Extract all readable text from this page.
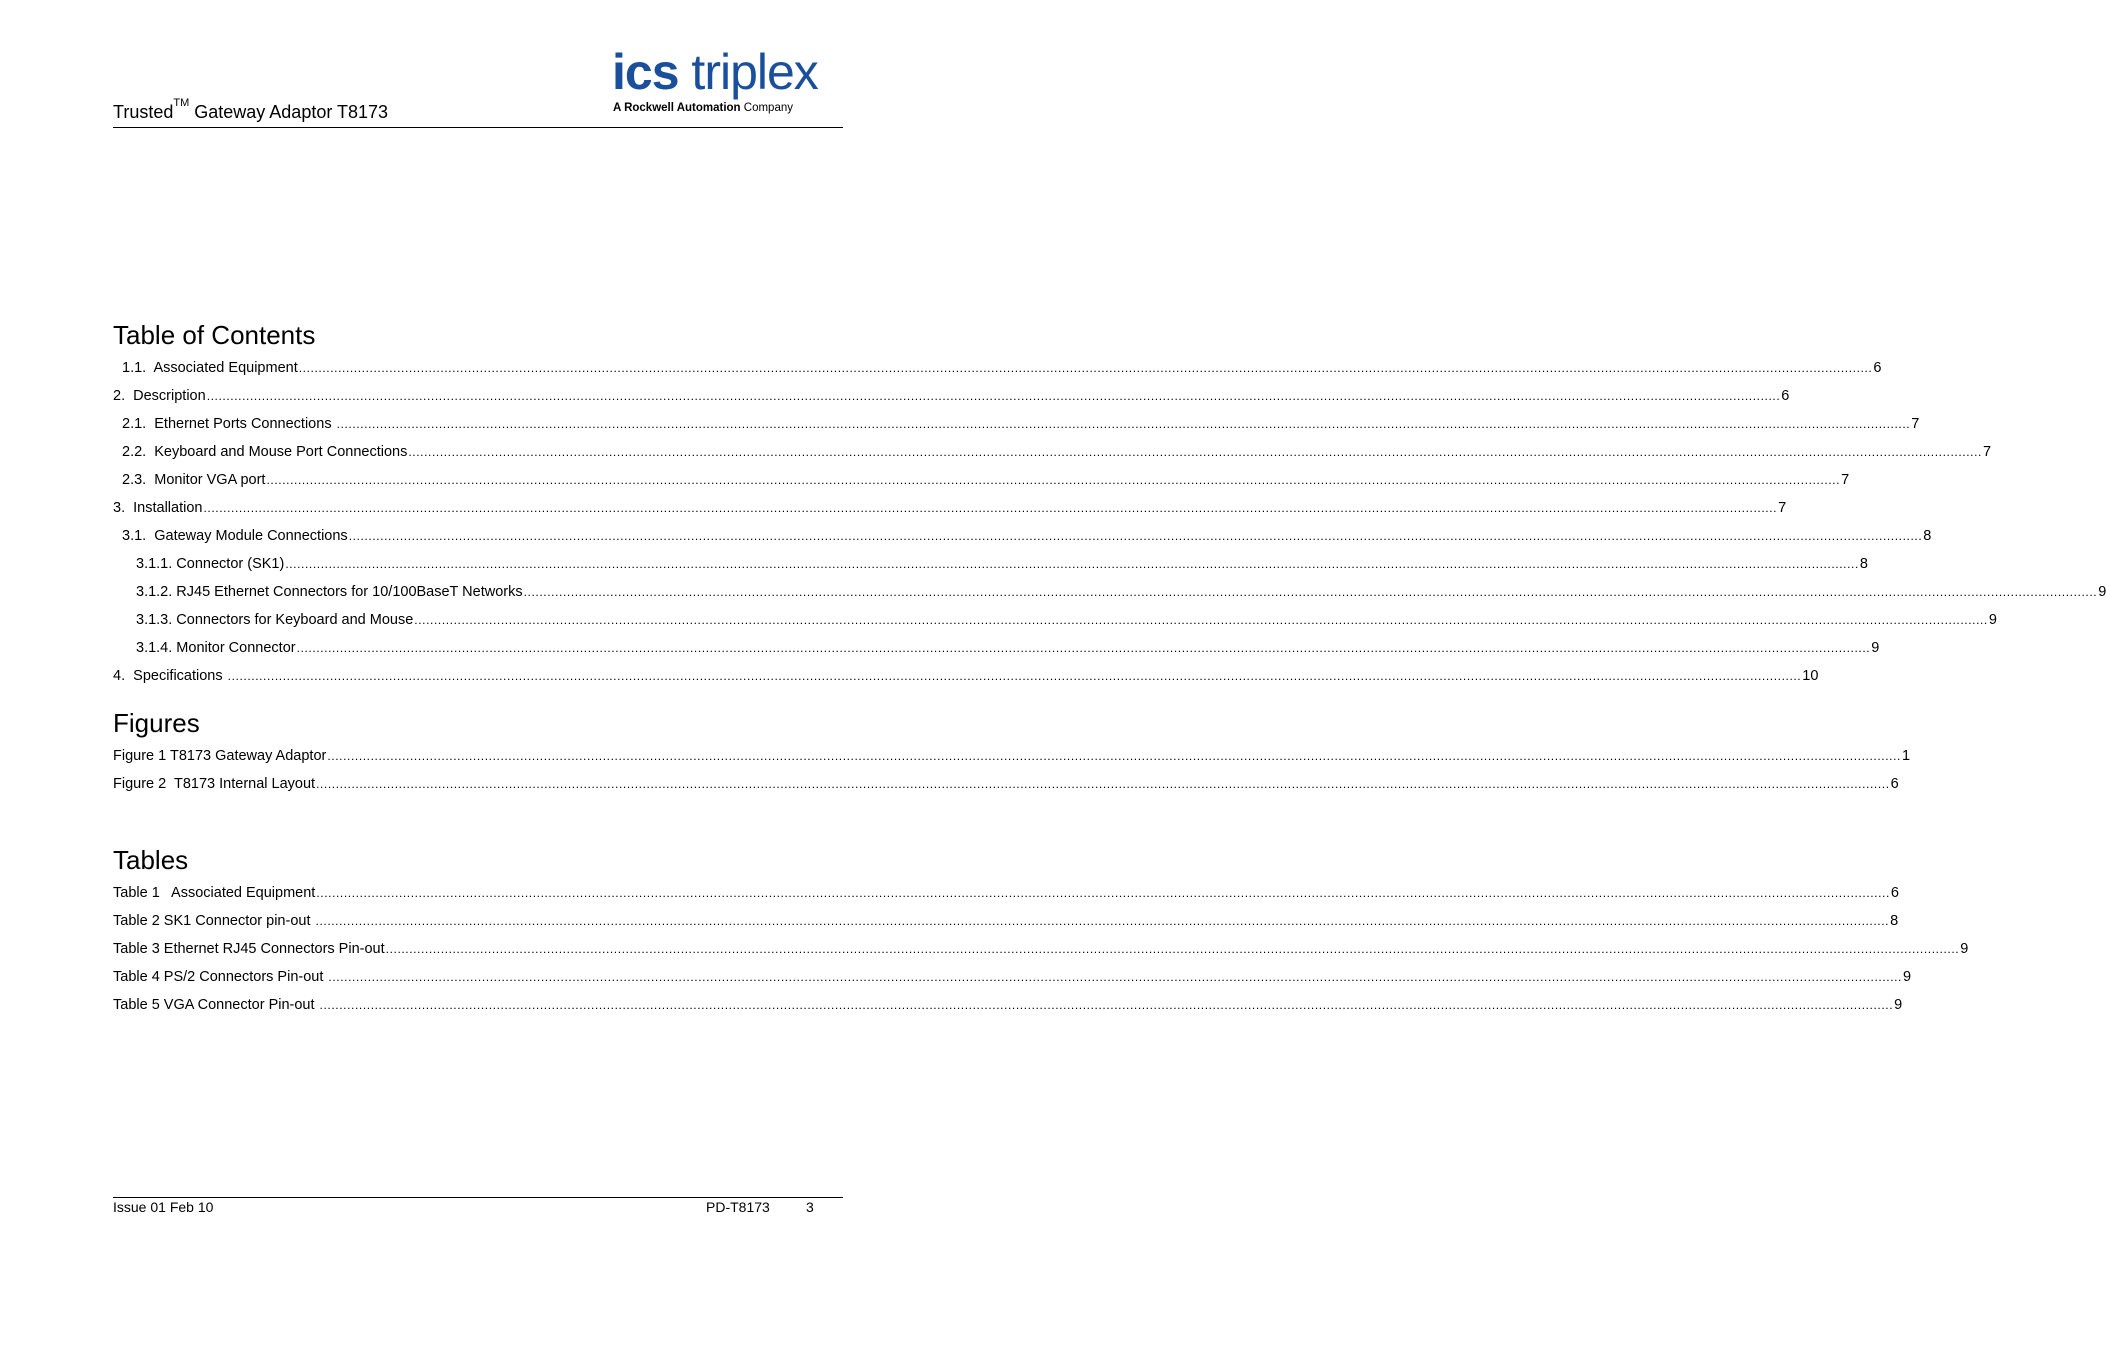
Trusted™ Gateway Adaptor T8173
ics triplex
A Rockwell Automation Company
Table of Contents
1.1.  Associated Equipment ................................................................................................................................................................................................................................................................................................................................................................................................................ 6
2.  Description ................................................................................................................................................................................................................................................................................................................................................................................................................ 6
2.1.  Ethernet Ports Connections ................................................................................................................................................................................................................................................................................................................................................................................................................ 7
2.2.  Keyboard and Mouse Port Connections ................................................................................................................................................................................................................................................................................................................................................................................................................ 7
2.3.  Monitor VGA port ................................................................................................................................................................................................................................................................................................................................................................................................................ 7
3.  Installation ................................................................................................................................................................................................................................................................................................................................................................................................................ 7
3.1.  Gateway Module Connections ................................................................................................................................................................................................................................................................................................................................................................................................................ 8
3.1.1. Connector (SK1) ................................................................................................................................................................................................................................................................................................................................................................................................................ 8
3.1.2. RJ45 Ethernet Connectors for 10/100BaseT Networks ................................................................................................................................................................................................................................................................................................................................................................................................................ 9
3.1.3. Connectors for Keyboard and Mouse ................................................................................................................................................................................................................................................................................................................................................................................................................ 9
3.1.4. Monitor Connector ................................................................................................................................................................................................................................................................................................................................................................................................................ 9
4.  Specifications ................................................................................................................................................................................................................................................................................................................................................................................................................ 10
Figures
Figure 1 T8173 Gateway Adaptor ................................................................................................................................................................................................................................................................................................................................................................................................................ 1
Figure 2  T8173 Internal Layout ................................................................................................................................................................................................................................................................................................................................................................................................................ 6
Tables
Table 1   Associated Equipment ................................................................................................................................................................................................................................................................................................................................................................................................................ 6
Table 2 SK1 Connector pin-out ................................................................................................................................................................................................................................................................................................................................................................................................................ 8
Table 3 Ethernet RJ45 Connectors Pin-out ................................................................................................................................................................................................................................................................................................................................................................................................................ 9
Table 4 PS/2 Connectors Pin-out ................................................................................................................................................................................................................................................................................................................................................................................................................ 9
Table 5 VGA Connector Pin-out ................................................................................................................................................................................................................................................................................................................................................................................................................ 9
Issue 01 Feb 10	PD-T8173	3
